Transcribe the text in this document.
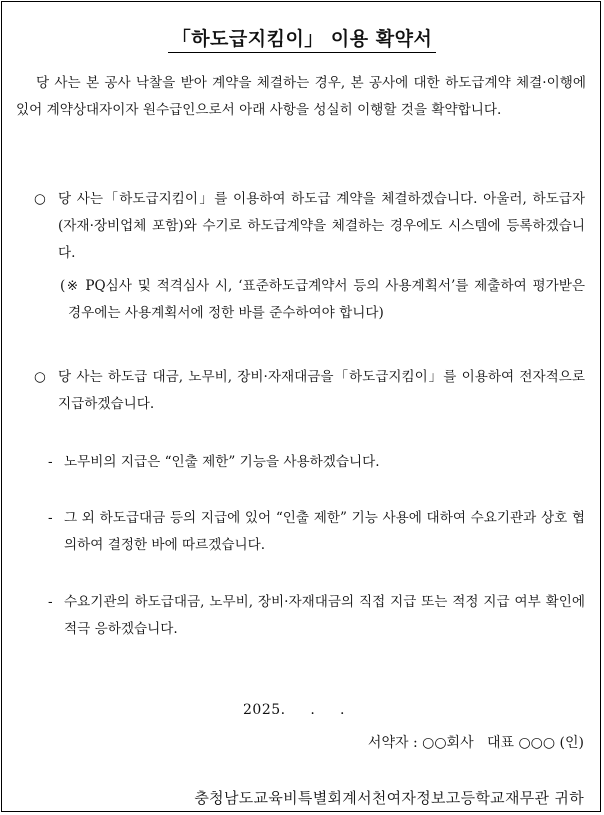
「하도급지킴이」 이용 확약서

당 사는 본 공사 낙찰을 받아 계약을 체결하는 경우, 본 공사에 대한 하도급계약 체결·이행에 있어 계약상대자이자 원수급인으로서 아래 사항을 성실히 이행할 것을 확약합니다.

○ 당 사는「하도급지킴이」를 이용하여 하도급 계약을 체결하겠습니다. 아울러, 하도급자(자재·장비업체 포함)와 수기로 하도급계약을 체결하는 경우에도 시스템에 등록하겠습니다.

(※ PQ심사 및 적격심사 시, ‘표준하도급계약서 등의 사용계획서’를 제출하여 평가받은 경우에는 사용계획서에 정한 바를 준수하여야 합니다)

○ 당 사는 하도급 대금, 노무비, 장비·자재대금을「하도급지킴이」를 이용하여 전자적으로 지급하겠습니다.

- 노무비의 지급은 “인출 제한” 기능을 사용하겠습니다.

- 그 외 하도급대금 등의 지급에 있어 “인출 제한” 기능 사용에 대하여 수요기관과 상호 협의하여 결정한 바에 따르겠습니다.

- 수요기관의 하도급대금, 노무비, 장비·자재대금의 직접 지급 또는 적정 지급 여부 확인에 적극 응하겠습니다.

2025.     .     .
서약자 : ○○회사   대표 ○○○ (인)
충청남도교육비특별회계서천여자정보고등학교재무관 귀하
